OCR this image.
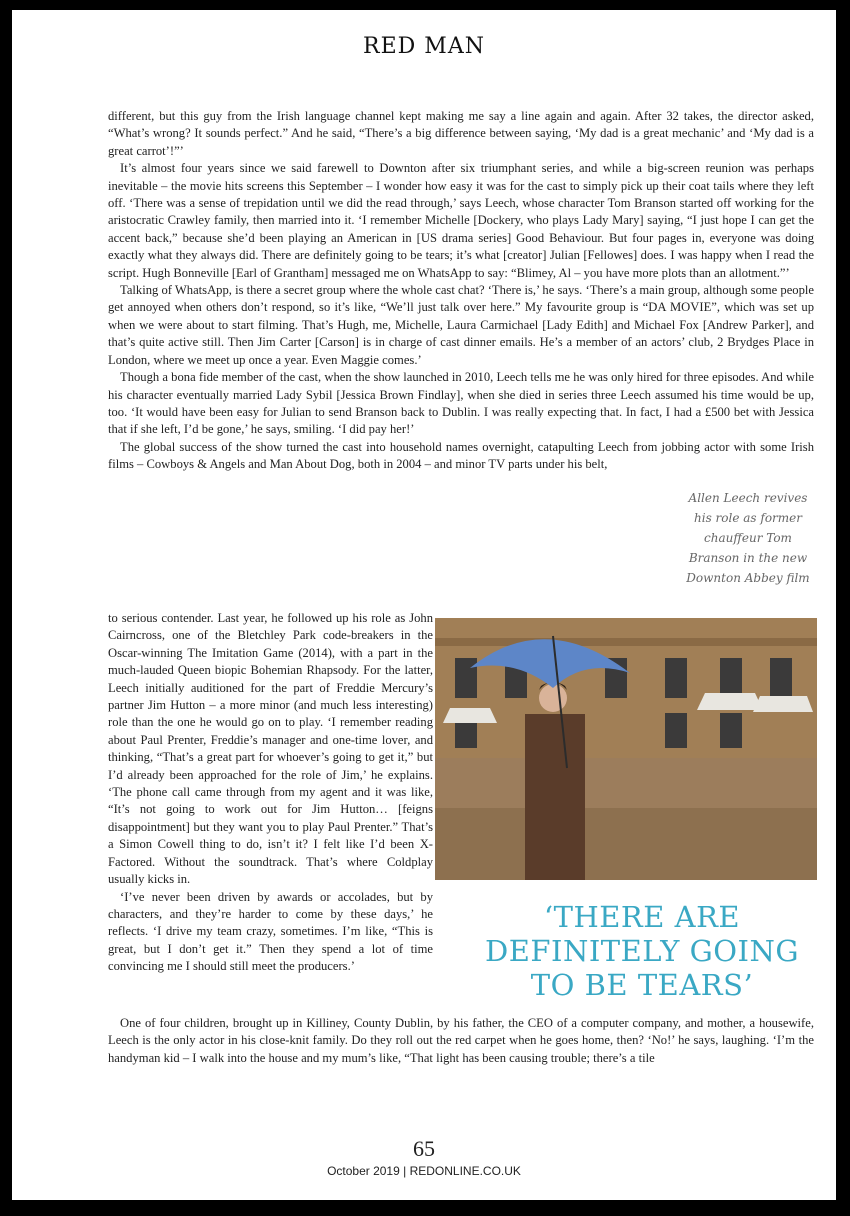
RED MAN

different, but this guy from the Irish language channel kept making me say a line again and again. After 32 takes, the director asked, “What’s wrong? It sounds perfect.” And he said, “There’s a big difference between saying, ‘My dad is a great mechanic’ and ‘My dad is a great carrot’!”’

It’s almost four years since we said farewell to Downton after six triumphant series, and while a big-screen reunion was perhaps inevitable – the movie hits screens this September – I wonder how easy it was for the cast to simply pick up their coat tails where they left off. ‘There was a sense of trepidation until we did the read through,’ says Leech, whose character Tom Branson started off working for the aristocratic Crawley family, then married into it. ‘I remember Michelle [Dockery, who plays Lady Mary] saying, “I just hope I can get the accent back,” because she’d been playing an American in [US drama series] Good Behaviour. But four pages in, everyone was doing exactly what they always did. There are definitely going to be tears; it’s what [creator] Julian [Fellowes] does. I was happy when I read the script. Hugh Bonneville [Earl of Grantham] messaged me on WhatsApp to say: “Blimey, Al – you have more plots than an allotment.”’

Talking of WhatsApp, is there a secret group where the whole cast chat? ‘There is,’ he says. ‘There’s a main group, although some people get annoyed when others don’t respond, so it’s like, “We’ll just talk over here.” My favourite group is “DA MOVIE”, which was set up when we were about to start filming. That’s Hugh, me, Michelle, Laura Carmichael [Lady Edith] and Michael Fox [Andrew Parker], and that’s quite active still. Then Jim Carter [Carson] is in charge of cast dinner emails. He’s a member of an actors’ club, 2 Brydges Place in London, where we meet up once a year. Even Maggie comes.’

Though a bona fide member of the cast, when the show launched in 2010, Leech tells me he was only hired for three episodes. And while his character eventually married Lady Sybil [Jessica Brown Findlay], when she died in series three Leech assumed his time would be up, too. ‘It would have been easy for Julian to send Branson back to Dublin. I was really expecting that. In fact, I had a £500 bet with Jessica that if she left, I’d be gone,’ he says, smiling. ‘I did pay her!’

The global success of the show turned the cast into household names overnight, catapulting Leech from jobbing actor with some Irish films – Cowboys & Angels and Man About Dog, both in 2004 – and minor TV parts under his belt,

Allen Leech revives his role as former chauffeur Tom Branson in the new Downton Abbey film

to serious contender. Last year, he followed up his role as John Cairncross, one of the Bletchley Park code-breakers in the Oscar-winning The Imitation Game (2014), with a part in the much-lauded Queen biopic Bohemian Rhapsody. For the latter, Leech initially auditioned for the part of Freddie Mercury’s partner Jim Hutton – a more minor (and much less interesting) role than the one he would go on to play. ‘I remember reading about Paul Prenter, Freddie’s manager and one-time lover, and thinking, “That’s a great part for whoever’s going to get it,” but I’d already been approached for the role of Jim,’ he explains. ‘The phone call came through from my agent and it was like, “It’s not going to work out for Jim Hutton… [feigns disappointment] but they want you to play Paul Prenter.” That’s a Simon Cowell thing to do, isn’t it? I felt like I’d been X-Factored. Without the soundtrack. That’s where Coldplay usually kicks in.

‘I’ve never been driven by awards or accolades, but by characters, and they’re harder to come by these days,’ he reflects. ‘I drive my team crazy, sometimes. I’m like, “This is great, but I don’t get it.” Then they spend a lot of time convincing me I should still meet the producers.’

‘THERE ARE DEFINITELY GOING TO BE TEARS’

One of four children, brought up in Killiney, County Dublin, by his father, the CEO of a computer company, and mother, a housewife, Leech is the only actor in his close-knit family. Do they roll out the red carpet when he goes home, then? ‘No!’ he says, laughing. ‘I’m the handyman kid – I walk into the house and my mum’s like, “That light has been causing trouble; there’s a tile

65
October 2019 | REDONLINE.CO.UK
